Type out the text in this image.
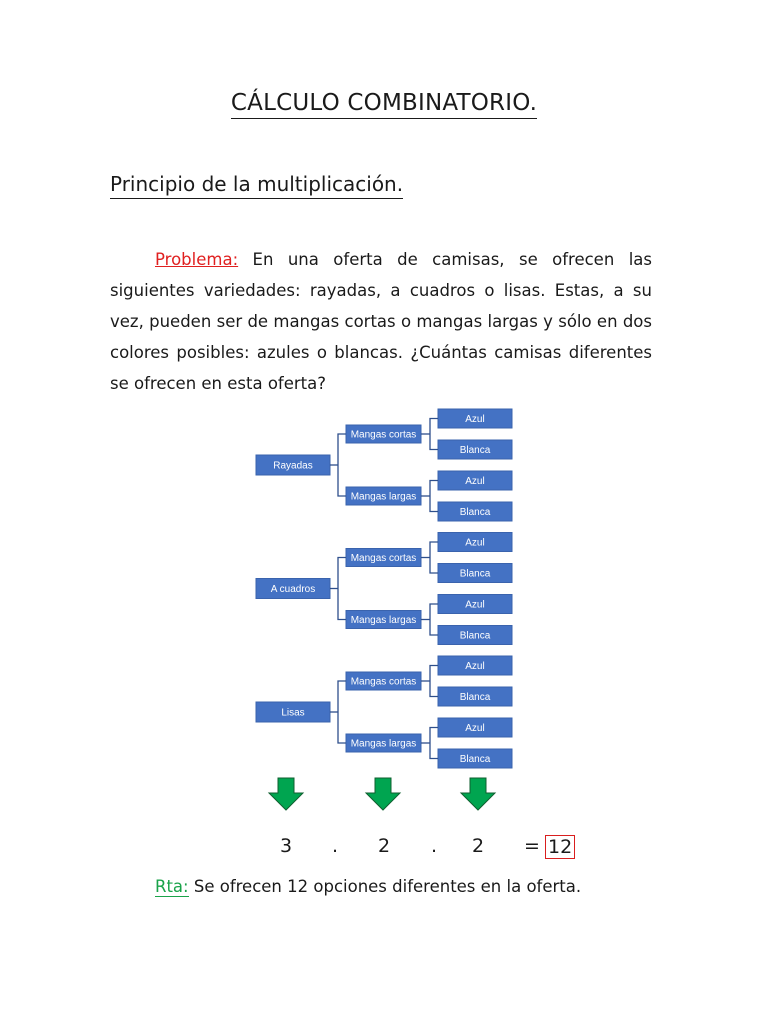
CÁLCULO COMBINATORIO.
Principio de la multiplicación.
Problema: En una oferta de camisas, se ofrecen las siguientes variedades: rayadas, a cuadros o lisas. Estas, a su vez, pueden ser de mangas cortas o mangas largas y sólo en dos colores posibles: azules o blancas. ¿Cuántas camisas diferentes se ofrecen en esta oferta?
Azul
Blanca
Mangas cortas
Azul
Blanca
Mangas largas
Rayadas
Azul
Blanca
Mangas cortas
Azul
Blanca
Mangas largas
A cuadros
Azul
Blanca
Mangas cortas
Azul
Blanca
Mangas largas
Lisas
3 . 2 . 2 = 12
Rta: Se ofrecen 12 opciones diferentes en la oferta.
